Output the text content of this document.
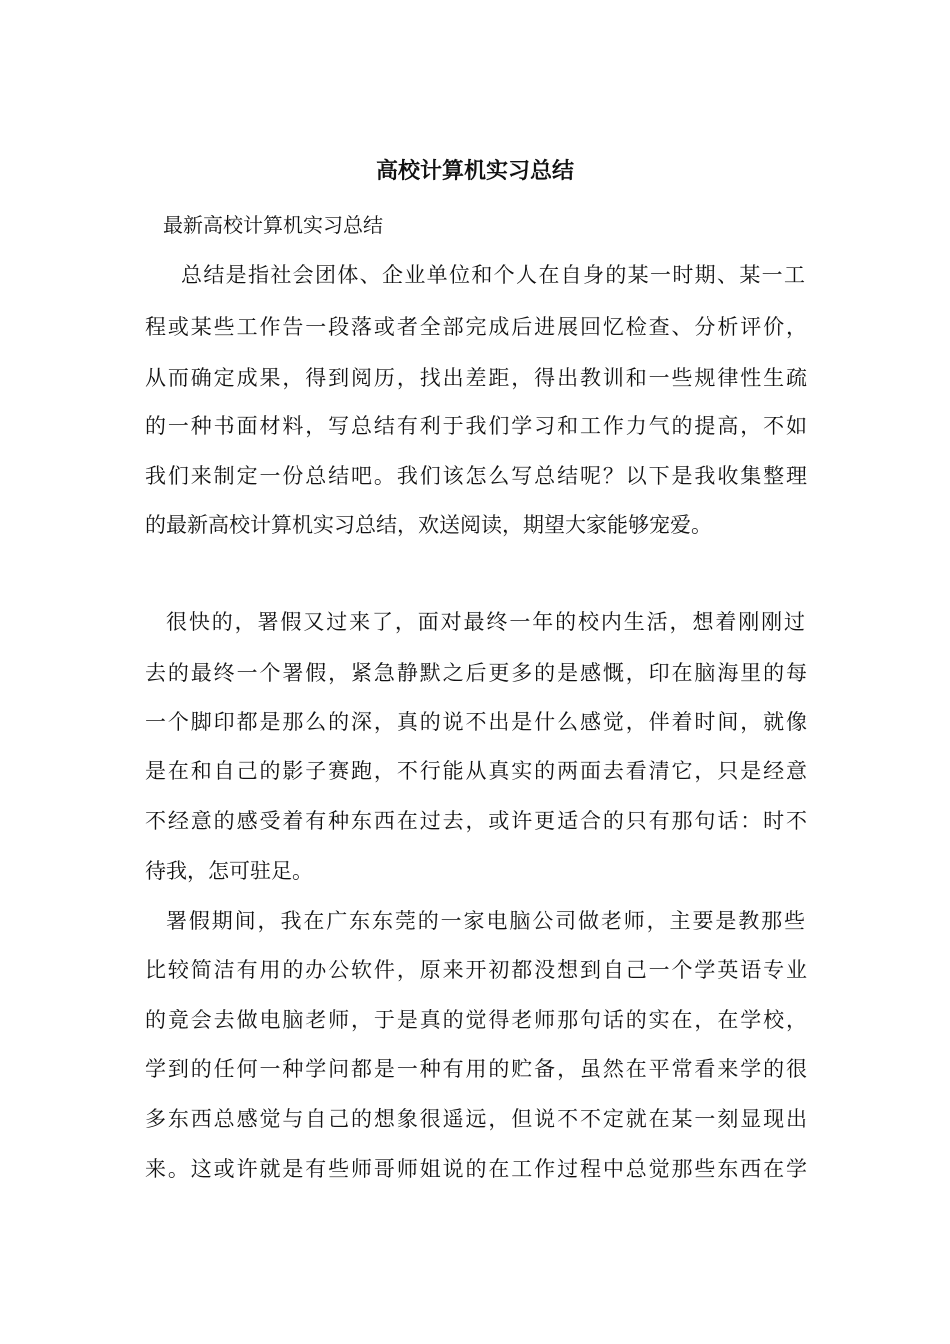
高校计算机实习总结
最新高校计算机实习总结
总结是指社会团体、企业单位和个人在自身的某一时期、某一工
程或某些工作告一段落或者全部完成后进展回忆检查、分析评价，
从而确定成果，得到阅历，找出差距，得出教训和一些规律性生疏
的一种书面材料，写总结有利于我们学习和工作力气的提高，不如
我们来制定一份总结吧。我们该怎么写总结呢？以下是我收集整理
的最新高校计算机实习总结，欢送阅读，期望大家能够宠爱。
很快的，署假又过来了，面对最终一年的校内生活，想着刚刚过
去的最终一个署假，紧急静默之后更多的是感慨，印在脑海里的每
一个脚印都是那么的深，真的说不出是什么感觉，伴着时间，就像
是在和自己的影子赛跑，不行能从真实的两面去看清它，只是经意
不经意的感受着有种东西在过去，或许更适合的只有那句话：时不
待我，怎可驻足。
署假期间，我在广东东莞的一家电脑公司做老师，主要是教那些
比较简洁有用的办公软件，原来开初都没想到自己一个学英语专业
的竟会去做电脑老师，于是真的觉得老师那句话的实在，在学校，
学到的任何一种学问都是一种有用的贮备，虽然在平常看来学的很
多东西总感觉与自己的想象很遥远，但说不不定就在某一刻显现出
来。这或许就是有些师哥师姐说的在工作过程中总觉那些东西在学
